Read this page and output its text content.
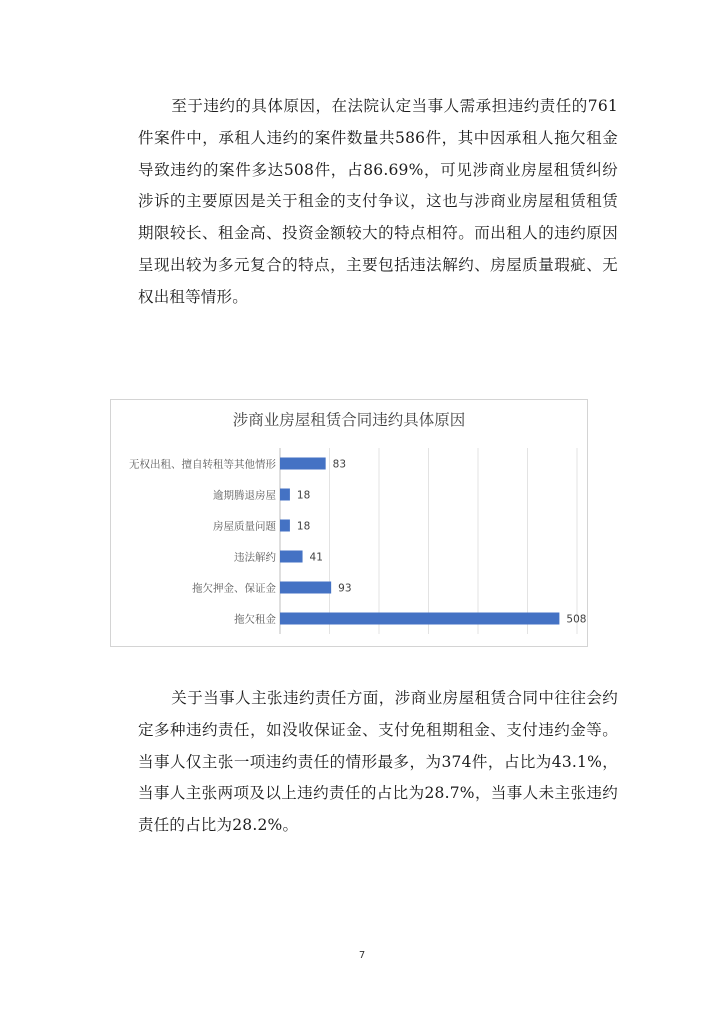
至于违约的具体原因，在法院认定当事人需承担违约责任的761件案件中，承租人违约的案件数量共586件，其中因承租人拖欠租金导致违约的案件多达508件，占86.69%，可见涉商业房屋租赁纠纷涉诉的主要原因是关于租金的支付争议，这也与涉商业房屋租赁租赁期限较长、租金高、投资金额较大的特点相符。而出租人的违约原因呈现出较为多元复合的特点，主要包括违法解约、房屋质量瑕疵、无权出租等情形。

涉商业房屋租赁合同违约具体原因
无权出租、擅自转租等其他情形	83
逾期腾退房屋 18
房屋质量问题 18
违法解约	41
拖欠押金、保证金	93
拖欠租金	508

关于当事人主张违约责任方面，涉商业房屋租赁合同中往往会约定多种违约责任，如没收保证金、支付免租期租金、支付违约金等。当事人仅主张一项违约责任的情形最多，为374件，占比为43.1%，当事人主张两项及以上违约责任的占比为28.7%，当事人未主张违约责任的占比为28.2%。

7
